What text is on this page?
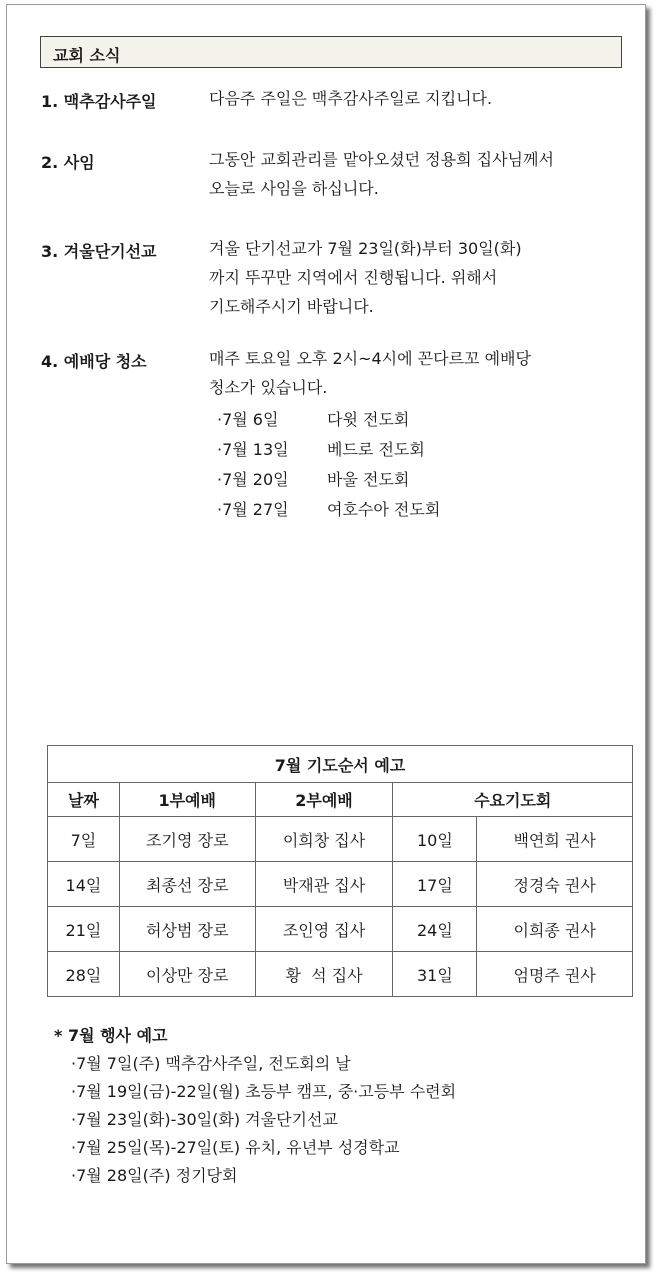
교회 소식
1. 맥추감사주일	다음주 주일은 맥추감사주일로 지킵니다.
2. 사임	그동안 교회관리를 맡아오셨던 정용희 집사님께서
오늘로 사임을 하십니다.
3. 겨울단기선교	겨울 단기선교가 7월 23일(화)부터 30일(화)
까지 뚜꾸만 지역에서 진행됩니다. 위해서
기도해주시기 바랍니다.
4. 예배당 청소	매주 토요일 오후 2시~4시에 꼰다르꼬 예배당
청소가 있습니다.
·7월 6일	다윗 전도회
·7월 13일 베드로 전도회
·7월 20일 바울 전도회
·7월 27일 여호수아 전도회
7월 기도순서 예고				
날짜	1부예배	2부예배	수요기도회	
7일	조기영 장로	이희창 집사	10일	백연희 권사
14일	최종선 장로	박재관 집사	17일	정경숙 권사
21일	허상범 장로	조인영 집사	24일	이희종 권사
28일	이상만 장로	황  석 집사	31일	엄명주 권사
* 7월 행사 예고
·7월 7일(주) 맥추감사주일, 전도회의 날
·7월 19일(금)-22일(월) 초등부 캠프, 중·고등부 수련회
·7월 23일(화)-30일(화) 겨울단기선교
·7월 25일(목)-27일(토) 유치, 유년부 성경학교
·7월 28일(주) 정기당회
